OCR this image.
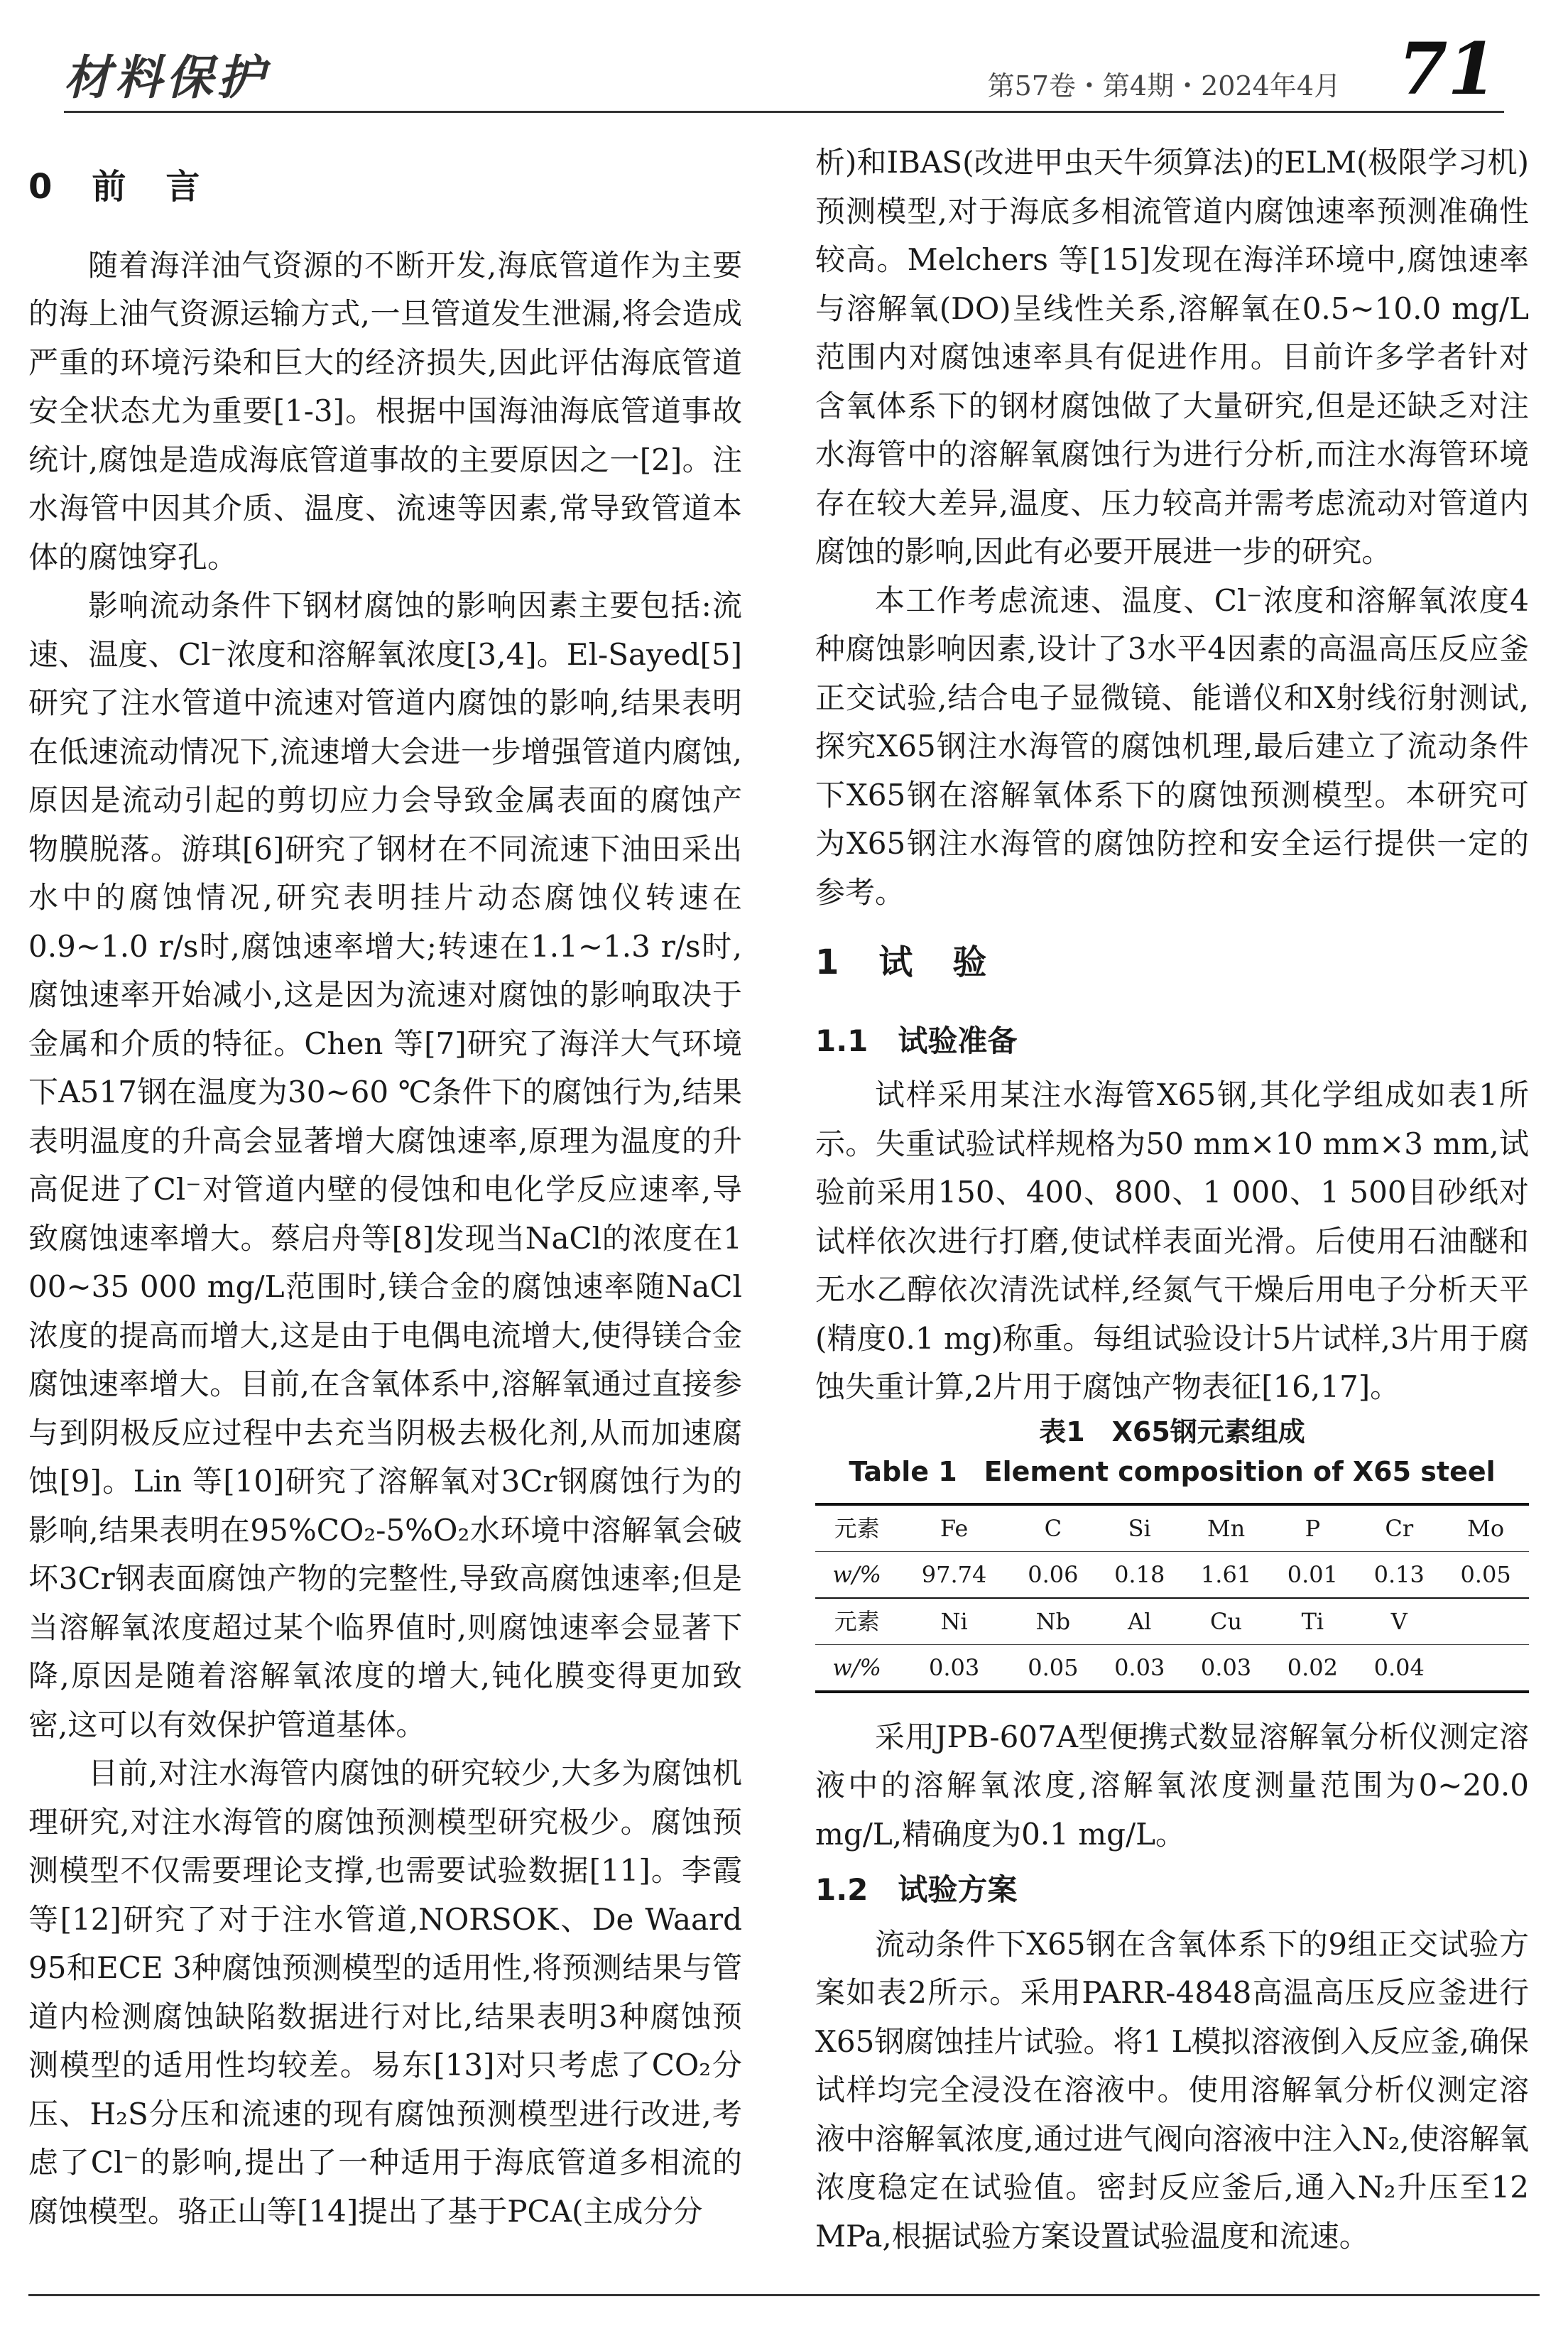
材料保护	第57卷・第4期・2024年4月 71
0　前　言

随着海洋油气资源的不断开发,海底管道作为主要的海上油气资源运输方式,一旦管道发生泄漏,将会造成严重的环境污染和巨大的经济损失,因此评估海底管道安全状态尤为重要[1-3]。根据中国海油海底管道事故统计,腐蚀是造成海底管道事故的主要原因之一[2]。注水海管中因其介质、温度、流速等因素,常导致管道本体的腐蚀穿孔。

影响流动条件下钢材腐蚀的影响因素主要包括:流速、温度、Cl⁻浓度和溶解氧浓度[3,4]。El-Sayed[5]研究了注水管道中流速对管道内腐蚀的影响,结果表明在低速流动情况下,流速增大会进一步增强管道内腐蚀,原因是流动引起的剪切应力会导致金属表面的腐蚀产物膜脱落。游琪[6]研究了钢材在不同流速下油田采出水中的腐蚀情况,研究表明挂片动态腐蚀仪转速在0.9~1.0 r/s时,腐蚀速率增大;转速在1.1~1.3 r/s时,腐蚀速率开始减小,这是因为流速对腐蚀的影响取决于金属和介质的特征。Chen 等[7]研究了海洋大气环境下A517钢在温度为30~60 ℃条件下的腐蚀行为,结果表明温度的升高会显著增大腐蚀速率,原理为温度的升高促进了Cl⁻对管道内壁的侵蚀和电化学反应速率,导致腐蚀速率增大。蔡启舟等[8]发现当NaCl的浓度在1 00~35 000 mg/L范围时,镁合金的腐蚀速率随NaCl浓度的提高而增大,这是由于电偶电流增大,使得镁合金腐蚀速率增大。目前,在含氧体系中,溶解氧通过直接参与到阴极反应过程中去充当阴极去极化剂,从而加速腐蚀[9]。Lin 等[10]研究了溶解氧对3Cr钢腐蚀行为的影响,结果表明在95%CO₂-5%O₂水环境中溶解氧会破坏3Cr钢表面腐蚀产物的完整性,导致高腐蚀速率;但是当溶解氧浓度超过某个临界值时,则腐蚀速率会显著下降,原因是随着溶解氧浓度的增大,钝化膜变得更加致密,这可以有效保护管道基体。

目前,对注水海管内腐蚀的研究较少,大多为腐蚀机理研究,对注水海管的腐蚀预测模型研究极少。腐蚀预测模型不仅需要理论支撑,也需要试验数据[11]。李霞等[12]研究了对于注水管道,NORSOK、De Waard 95和ECE 3种腐蚀预测模型的适用性,将预测结果与管道内检测腐蚀缺陷数据进行对比,结果表明3种腐蚀预测模型的适用性均较差。易东[13]对只考虑了CO₂分压、H₂S分压和流速的现有腐蚀预测模型进行改进,考虑了Cl⁻的影响,提出了一种适用于海底管道多相流的腐蚀模型。骆正山等[14]提出了基于PCA(主成分分

析)和IBAS(改进甲虫天牛须算法)的ELM(极限学习机)预测模型,对于海底多相流管道内腐蚀速率预测准确性较高。Melchers 等[15]发现在海洋环境中,腐蚀速率与溶解氧(DO)呈线性关系,溶解氧在0.5~10.0 mg/L范围内对腐蚀速率具有促进作用。目前许多学者针对含氧体系下的钢材腐蚀做了大量研究,但是还缺乏对注水海管中的溶解氧腐蚀行为进行分析,而注水海管环境存在较大差异,温度、压力较高并需考虑流动对管道内腐蚀的影响,因此有必要开展进一步的研究。

本工作考虑流速、温度、Cl⁻浓度和溶解氧浓度4种腐蚀影响因素,设计了3水平4因素的高温高压反应釜正交试验,结合电子显微镜、能谱仪和X射线衍射测试,探究X65钢注水海管的腐蚀机理,最后建立了流动条件下X65钢在溶解氧体系下的腐蚀预测模型。本研究可为X65钢注水海管的腐蚀防控和安全运行提供一定的参考。

1　试　验
1.1　试验准备

试样采用某注水海管X65钢,其化学组成如表1所示。失重试验试样规格为50 mm×10 mm×3 mm,试验前采用150、400、800、1 000、1 500目砂纸对试样依次进行打磨,使试样表面光滑。后使用石油醚和无水乙醇依次清洗试样,经氮气干燥后用电子分析天平(精度0.1 mg)称重。每组试验设计5片试样,3片用于腐蚀失重计算,2片用于腐蚀产物表征[16,17]。

表1　X65钢元素组成
Table 1　Element composition of X65 steel
元素	Fe	C	Si	Mn	P	Cr	Mo
w/%	97.74	0.06	0.18	1.61	0.01	0.13	0.05
元素	Ni	Nb	Al	Cu	Ti	V	
w/%	0.03	0.05	0.03	0.03	0.02	0.04	

采用JPB-607A型便携式数显溶解氧分析仪测定溶液中的溶解氧浓度,溶解氧浓度测量范围为0~20.0 mg/L,精确度为0.1 mg/L。

1.2　试验方案

流动条件下X65钢在含氧体系下的9组正交试验方案如表2所示。采用PARR-4848高温高压反应釜进行X65钢腐蚀挂片试验。将1 L模拟溶液倒入反应釜,确保试样均完全浸没在溶液中。使用溶解氧分析仪测定溶液中溶解氧浓度,通过进气阀向溶液中注入N₂,使溶解氧浓度稳定在试验值。密封反应釜后,通入N₂升压至12 MPa,根据试验方案设置试验温度和流速。
